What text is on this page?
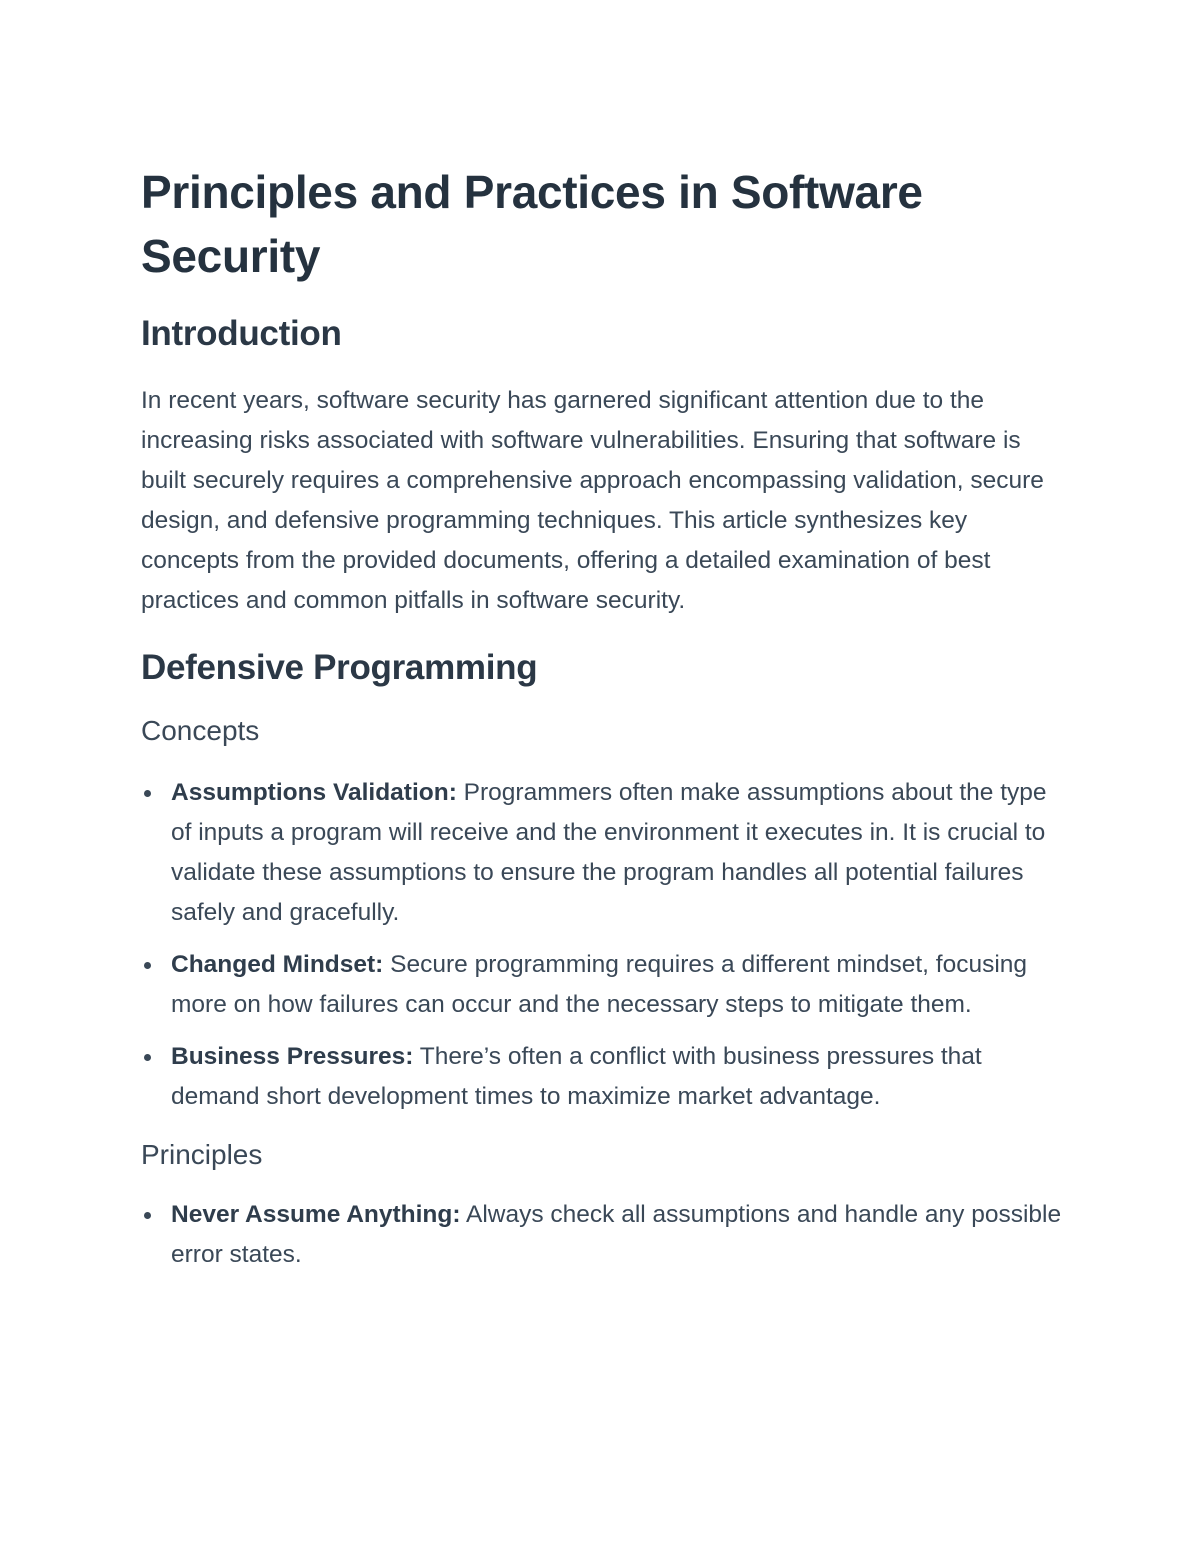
Principles and Practices in Software Security
Introduction

In recent years, software security has garnered significant attention due to the increasing risks associated with software vulnerabilities. Ensuring that software is built securely requires a comprehensive approach encompassing validation, secure design, and defensive programming techniques. This article synthesizes key concepts from the provided documents, offering a detailed examination of best practices and common pitfalls in software security.

Defensive Programming
Concepts
Assumptions Validation: Programmers often make assumptions about the type of inputs a program will receive and the environment it executes in. It is crucial to validate these assumptions to ensure the program handles all potential failures safely and gracefully.
Changed Mindset: Secure programming requires a different mindset, focusing more on how failures can occur and the necessary steps to mitigate them.
Business Pressures: There’s often a conflict with business pressures that demand short development times to maximize market advantage.
Principles
Never Assume Anything: Always check all assumptions and handle any possible error states.
